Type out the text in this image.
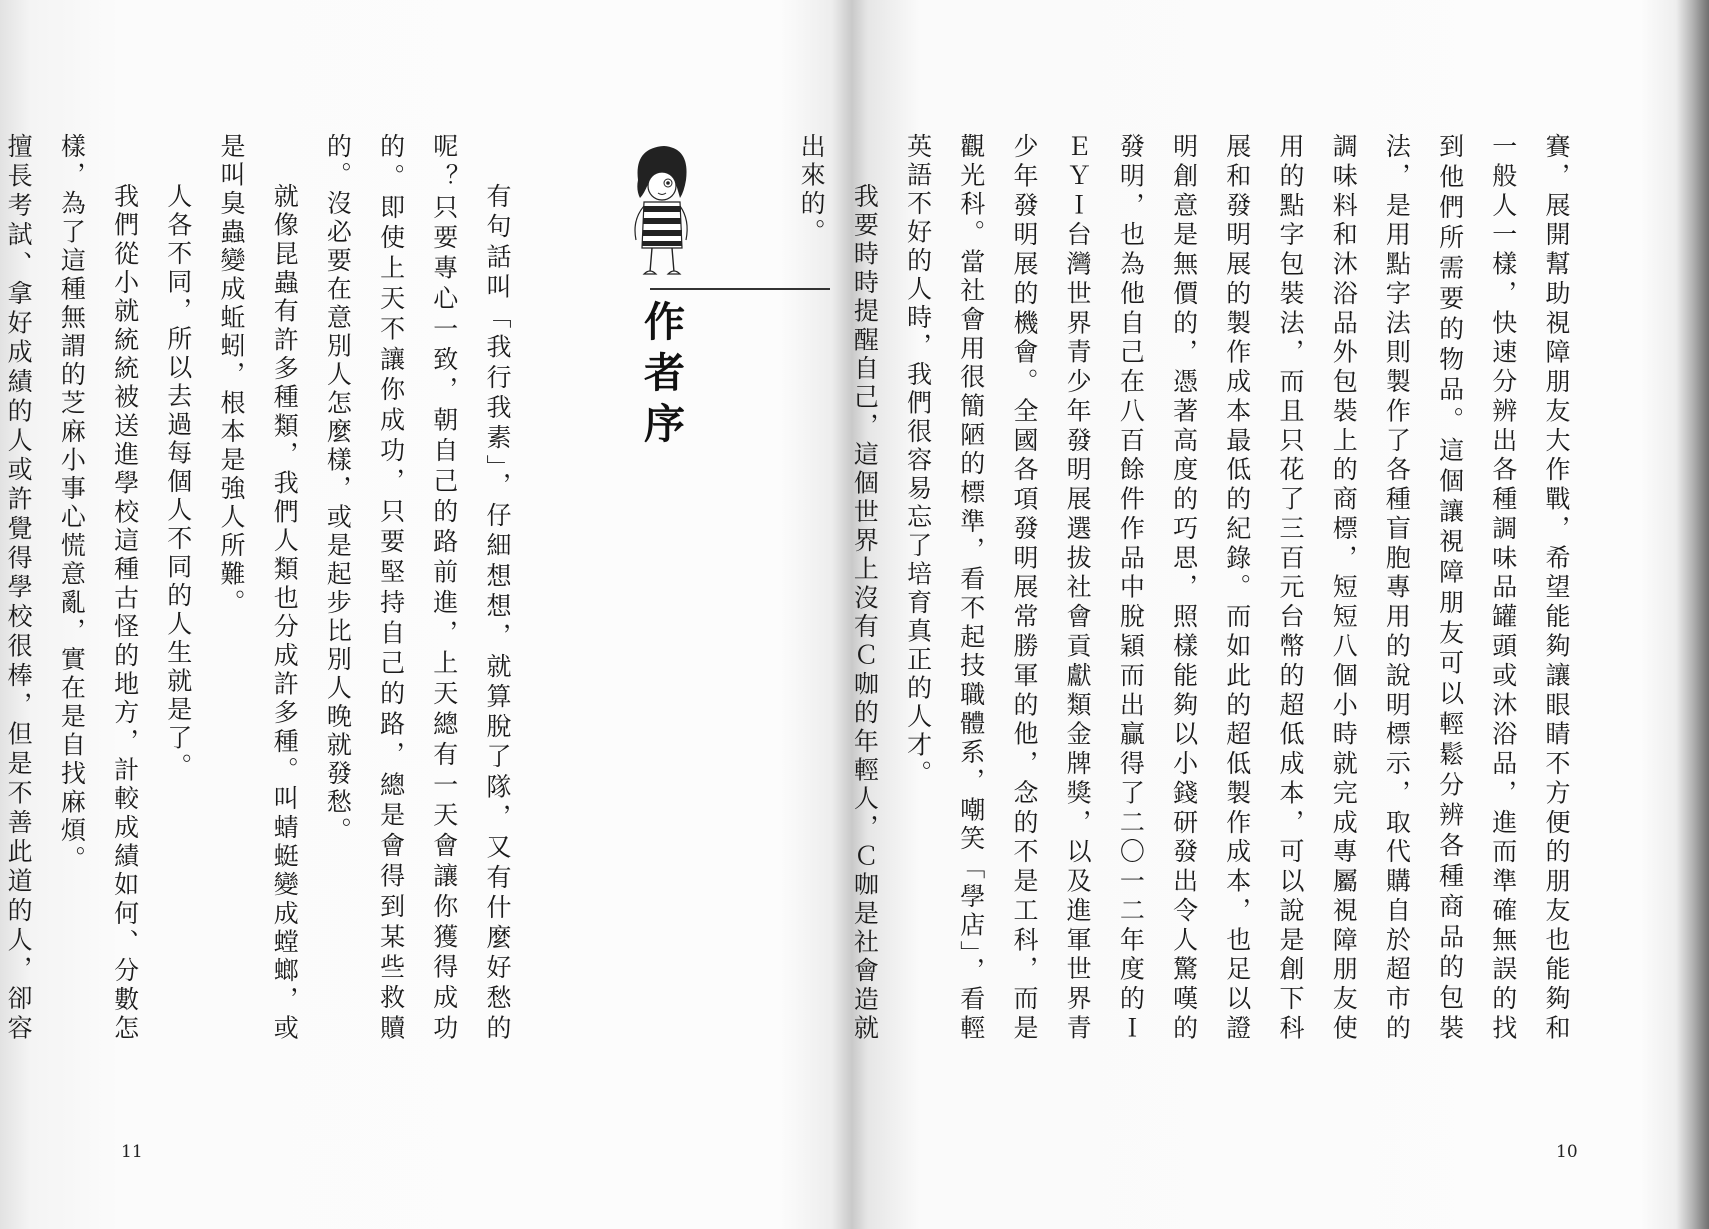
賽，展開幫助視障朋友大作戰，希望能夠讓眼睛不方便的朋友也能夠和一般人一樣，快速分辨出各種調味品罐頭或沐浴品，進而準確無誤的找到他們所需要的物品。這個讓視障朋友可以輕鬆分辨各種商品的包裝法，是用點字法則製作了各種盲胞專用的說明標示，取代購自於超市的調味料和沐浴品外包裝上的商標，短短八個小時就完成專屬視障朋友使用的點字包裝法，而且只花了三百元台幣的超低成本，可以說是創下科展和發明展的製作成本最低的紀錄。而如此的超低製作成本，也足以證明創意是無價的，憑著高度的巧思，照樣能夠以小錢研發出令人驚嘆的發明，也為他自己在八百餘件作品中脫穎而出贏得了二〇一二年度的ＩＥＹＩ台灣世界青少年發明展選拔社會貢獻類金牌獎，以及進軍世界青少年發明展的機會。全國各項發明展常勝軍的他，念的不是工科，而是觀光科。當社會用很簡陋的標準，看不起技職體系，嘲笑「學店」，看輕英語不好的人時，我們很容易忘了培育真正的人才。

我要時時提醒自己，這個世界上沒有Ｃ咖的年輕人，Ｃ咖是社會造就出來的。

10
作者序

有句話叫「我行我素」，仔細想想，就算脫了隊，又有什麼好愁的呢？只要專心一致，朝自己的路前進，上天總有一天會讓你獲得成功的。即使上天不讓你成功，只要堅持自己的路，總是會得到某些救贖的。沒必要在意別人怎麼樣，或是起步比別人晚就發愁。

就像昆蟲有許多種類，我們人類也分成許多種。叫蜻蜓變成螳螂，或是叫臭蟲變成蚯蚓，根本是強人所難。

人各不同，所以去過每個人不同的人生就是了。

我們從小就統統被送進學校這種古怪的地方，計較成績如何、分數怎樣，為了這種無謂的芝麻小事心慌意亂，實在是自找麻煩。

擅長考試、拿好成績的人或許覺得學校很棒，但是不善此道的人，卻容

11
